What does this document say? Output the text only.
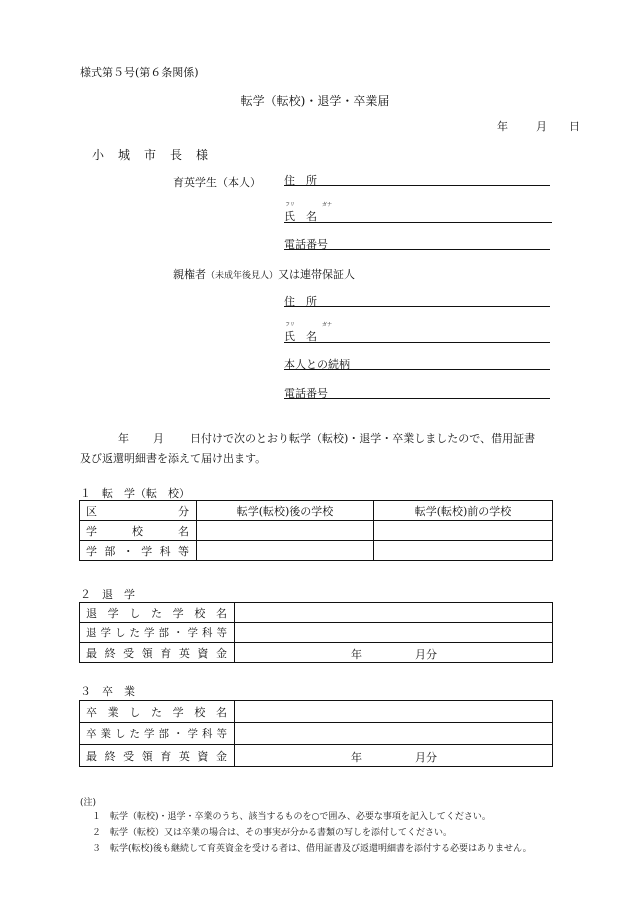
様式第５号(第６条関係)
転学（転校)・退学・卒業届
年	月 日
小城市長様
育英学生（本人） 住　所
フリ	ガナ
氏　名
電話番号
親権者（未成年後見人）又は連帯保証人
住　所
フリ	ガナ
氏　名
本人との続柄
電話番号
年 月 日付けで次のとおり転学（転校)・退学・卒業しましたので、借用証書
及び返還明細書を添えて届け出ます。
１　転　学（転　校）
区分	転学(転校)後の学校	転学(転校)前の学校
学校名		
学部・学科等		
２　退　学
退学した学校名	
退学した学部・学科等	
最終受領育英資金	年 月分
３　卒　業
卒業した学校名	
卒業した学部・学科等	
最終受領育英資金	年 月分
(注)
１ 転学（転校)・退学・卒業のうち、該当するものを○で囲み、必要な事項を記入してください。
２ 転学（転校）又は卒業の場合は、その事実が分かる書類の写しを添付してください。
３ 転学(転校)後も継続して育英資金を受ける者は、借用証書及び返還明細書を添付する必要はありません。
